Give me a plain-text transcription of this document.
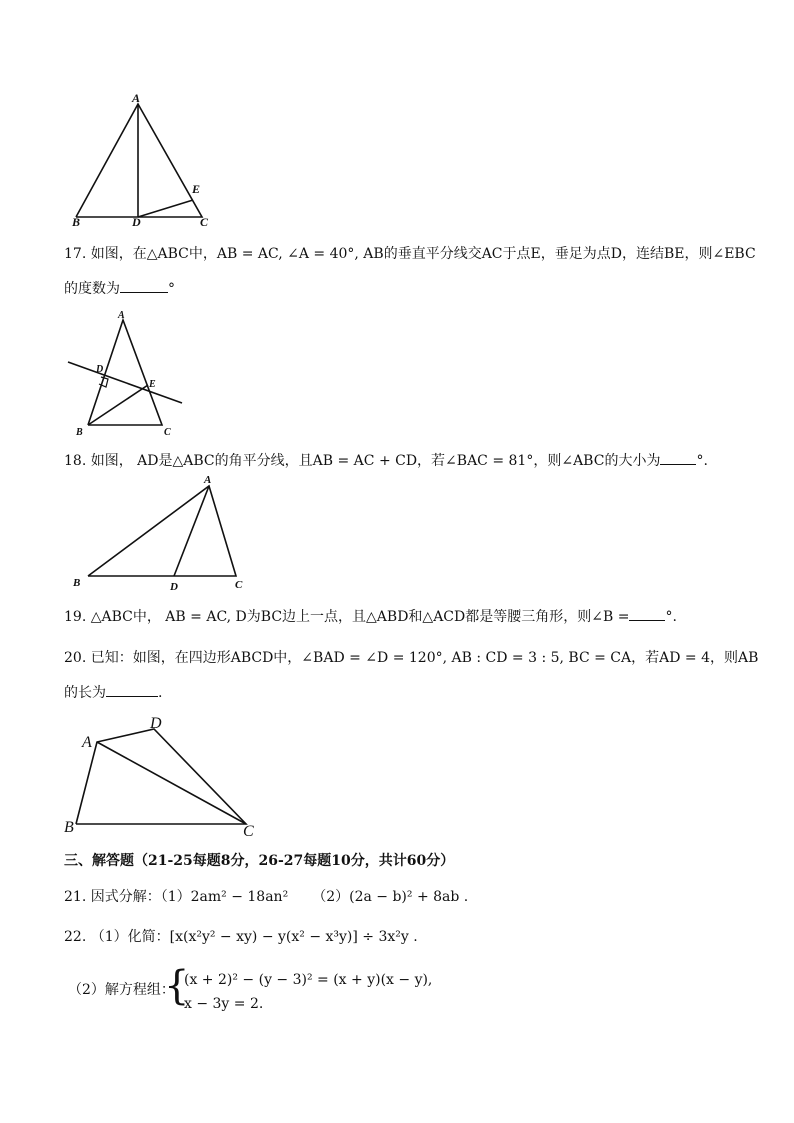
A
B	D	C
E
17. 如图，在△ABC中，AB = AC, ∠A = 40°, AB的垂直平分线交AC于点E，垂足为点D，连结BE，则∠EBC
的度数为	°
A
D
E
B	C
18. 如图， AD是△ABC的角平分线，且AB = AC + CD，若∠BAC = 81°，则∠ABC的大小为	°.
A
B	D	C
19. △ABC中， AB = AC, D为BC边上一点，且△ABD和△ACD都是等腰三角形，则∠B =	°.
20. 已知：如图，在四边形ABCD中，∠BAD = ∠D = 120°, AB : CD = 3 : 5, BC = CA，若AD = 4，则AB
的长为	.
A
D
B	C
三、解答题（21-25每题8分，26-27每题10分，共计60分）
21. 因式分解：（1）2am² − 18an² （2）(2a − b)² + 8ab .
22. （1）化简：[x(x²y² − xy) − y(x² − x³y)] ÷ 3x²y .
（2）解方程组：
{
(x + 2)² − (y − 3)² = (x + y)(x − y),
x − 3y = 2.
